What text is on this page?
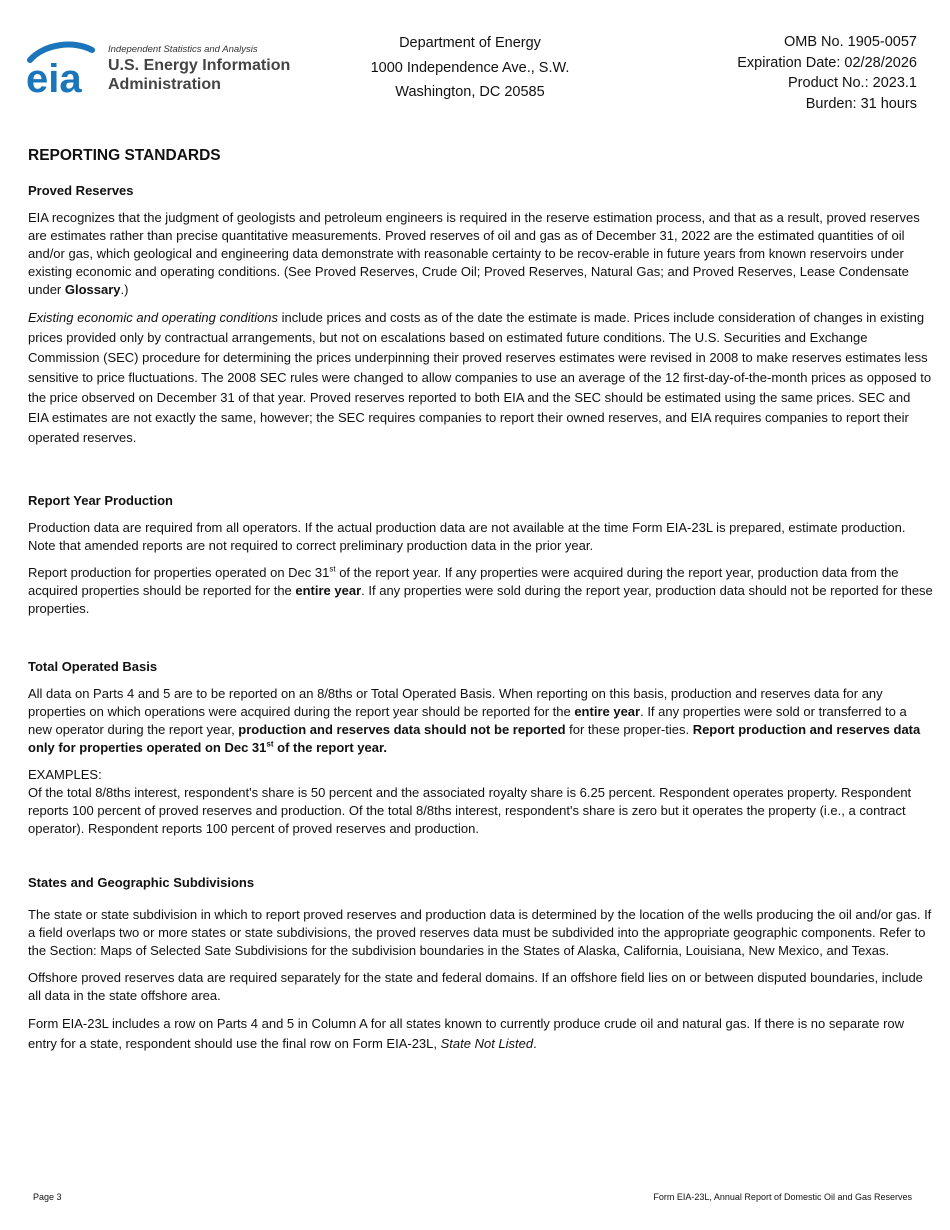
eia
Independent Statistics and Analysis
U.S. Energy Information Administration
Department of Energy
1000 Independence Ave., S.W.
Washington, DC 20585
OMB No. 1905-0057
Expiration Date: 02/28/2026
Product No.: 2023.1
Burden: 31 hours
REPORTING STANDARDS
Proved Reserves

EIA recognizes that the judgment of geologists and petroleum engineers is required in the reserve estimation process, and that as a result, proved reserves are estimates rather than precise quantitative measurements. Proved reserves of oil and gas as of December 31, 2022 are the estimated quantities of oil and/or gas, which geological and engineering data demonstrate with reasonable certainty to be recov-erable in future years from known reservoirs under existing economic and operating conditions. (See Proved Reserves, Crude Oil; Proved Reserves, Natural Gas; and Proved Reserves, Lease Condensate under Glossary.)

Existing economic and operating conditions include prices and costs as of the date the estimate is made. Prices include consideration of changes in existing prices provided only by contractual arrangements, but not on escalations based on estimated future conditions. The U.S. Securities and Exchange Commission (SEC) procedure for determining the prices underpinning their proved reserves estimates were revised in 2008 to make reserves estimates less sensitive to price fluctuations. The 2008 SEC rules were changed to allow companies to use an average of the 12 first-day-of-the-month prices as opposed to the price observed on December 31 of that year. Proved reserves reported to both EIA and the SEC should be estimated using the same prices. SEC and EIA estimates are not exactly the same, however; the SEC requires companies to report their owned reserves, and EIA requires companies to report their operated reserves.

Report Year Production

Production data are required from all operators. If the actual production data are not available at the time Form EIA-23L is prepared, estimate production. Note that amended reports are not required to correct preliminary production data in the prior year.

Report production for properties operated on Dec 31st of the report year. If any properties were acquired during the report year, production data from the acquired properties should be reported for the entire year. If any properties were sold during the report year, production data should not be reported for these properties.

Total Operated Basis

All data on Parts 4 and 5 are to be reported on an 8/8ths or Total Operated Basis. When reporting on this basis, production and reserves data for any properties on which operations were acquired during the report year should be reported for the entire year. If any properties were sold or transferred to a new operator during the report year, production and reserves data should not be reported for these proper-ties. Report production and reserves data only for properties operated on Dec 31st of the report year.

EXAMPLES:
Of the total 8/8ths interest, respondent's share is 50 percent and the associated royalty share is 6.25 percent. Respondent operates property. Respondent reports 100 percent of proved reserves and production. Of the total 8/8ths interest, respondent's share is zero but it operates the property (i.e., a contract operator). Respondent reports 100 percent of proved reserves and production.

States and Geographic Subdivisions

The state or state subdivision in which to report proved reserves and production data is determined by the location of the wells producing the oil and/or gas. If a field overlaps two or more states or state subdivisions, the proved reserves data must be subdivided into the appropriate geographic components. Refer to the Section: Maps of Selected Sate Subdivisions for the subdivision boundaries in the States of Alaska, California, Louisiana, New Mexico, and Texas.

Offshore proved reserves data are required separately for the state and federal domains. If an offshore field lies on or between disputed boundaries, include all data in the state offshore area.

Form EIA-23L includes a row on Parts 4 and 5 in Column A for all states known to currently produce crude oil and natural gas. If there is no separate row entry for a state, respondent should use the final row on Form EIA-23L, State Not Listed.

Page 3	Form EIA-23L, Annual Report of Domestic Oil and Gas Reserves
